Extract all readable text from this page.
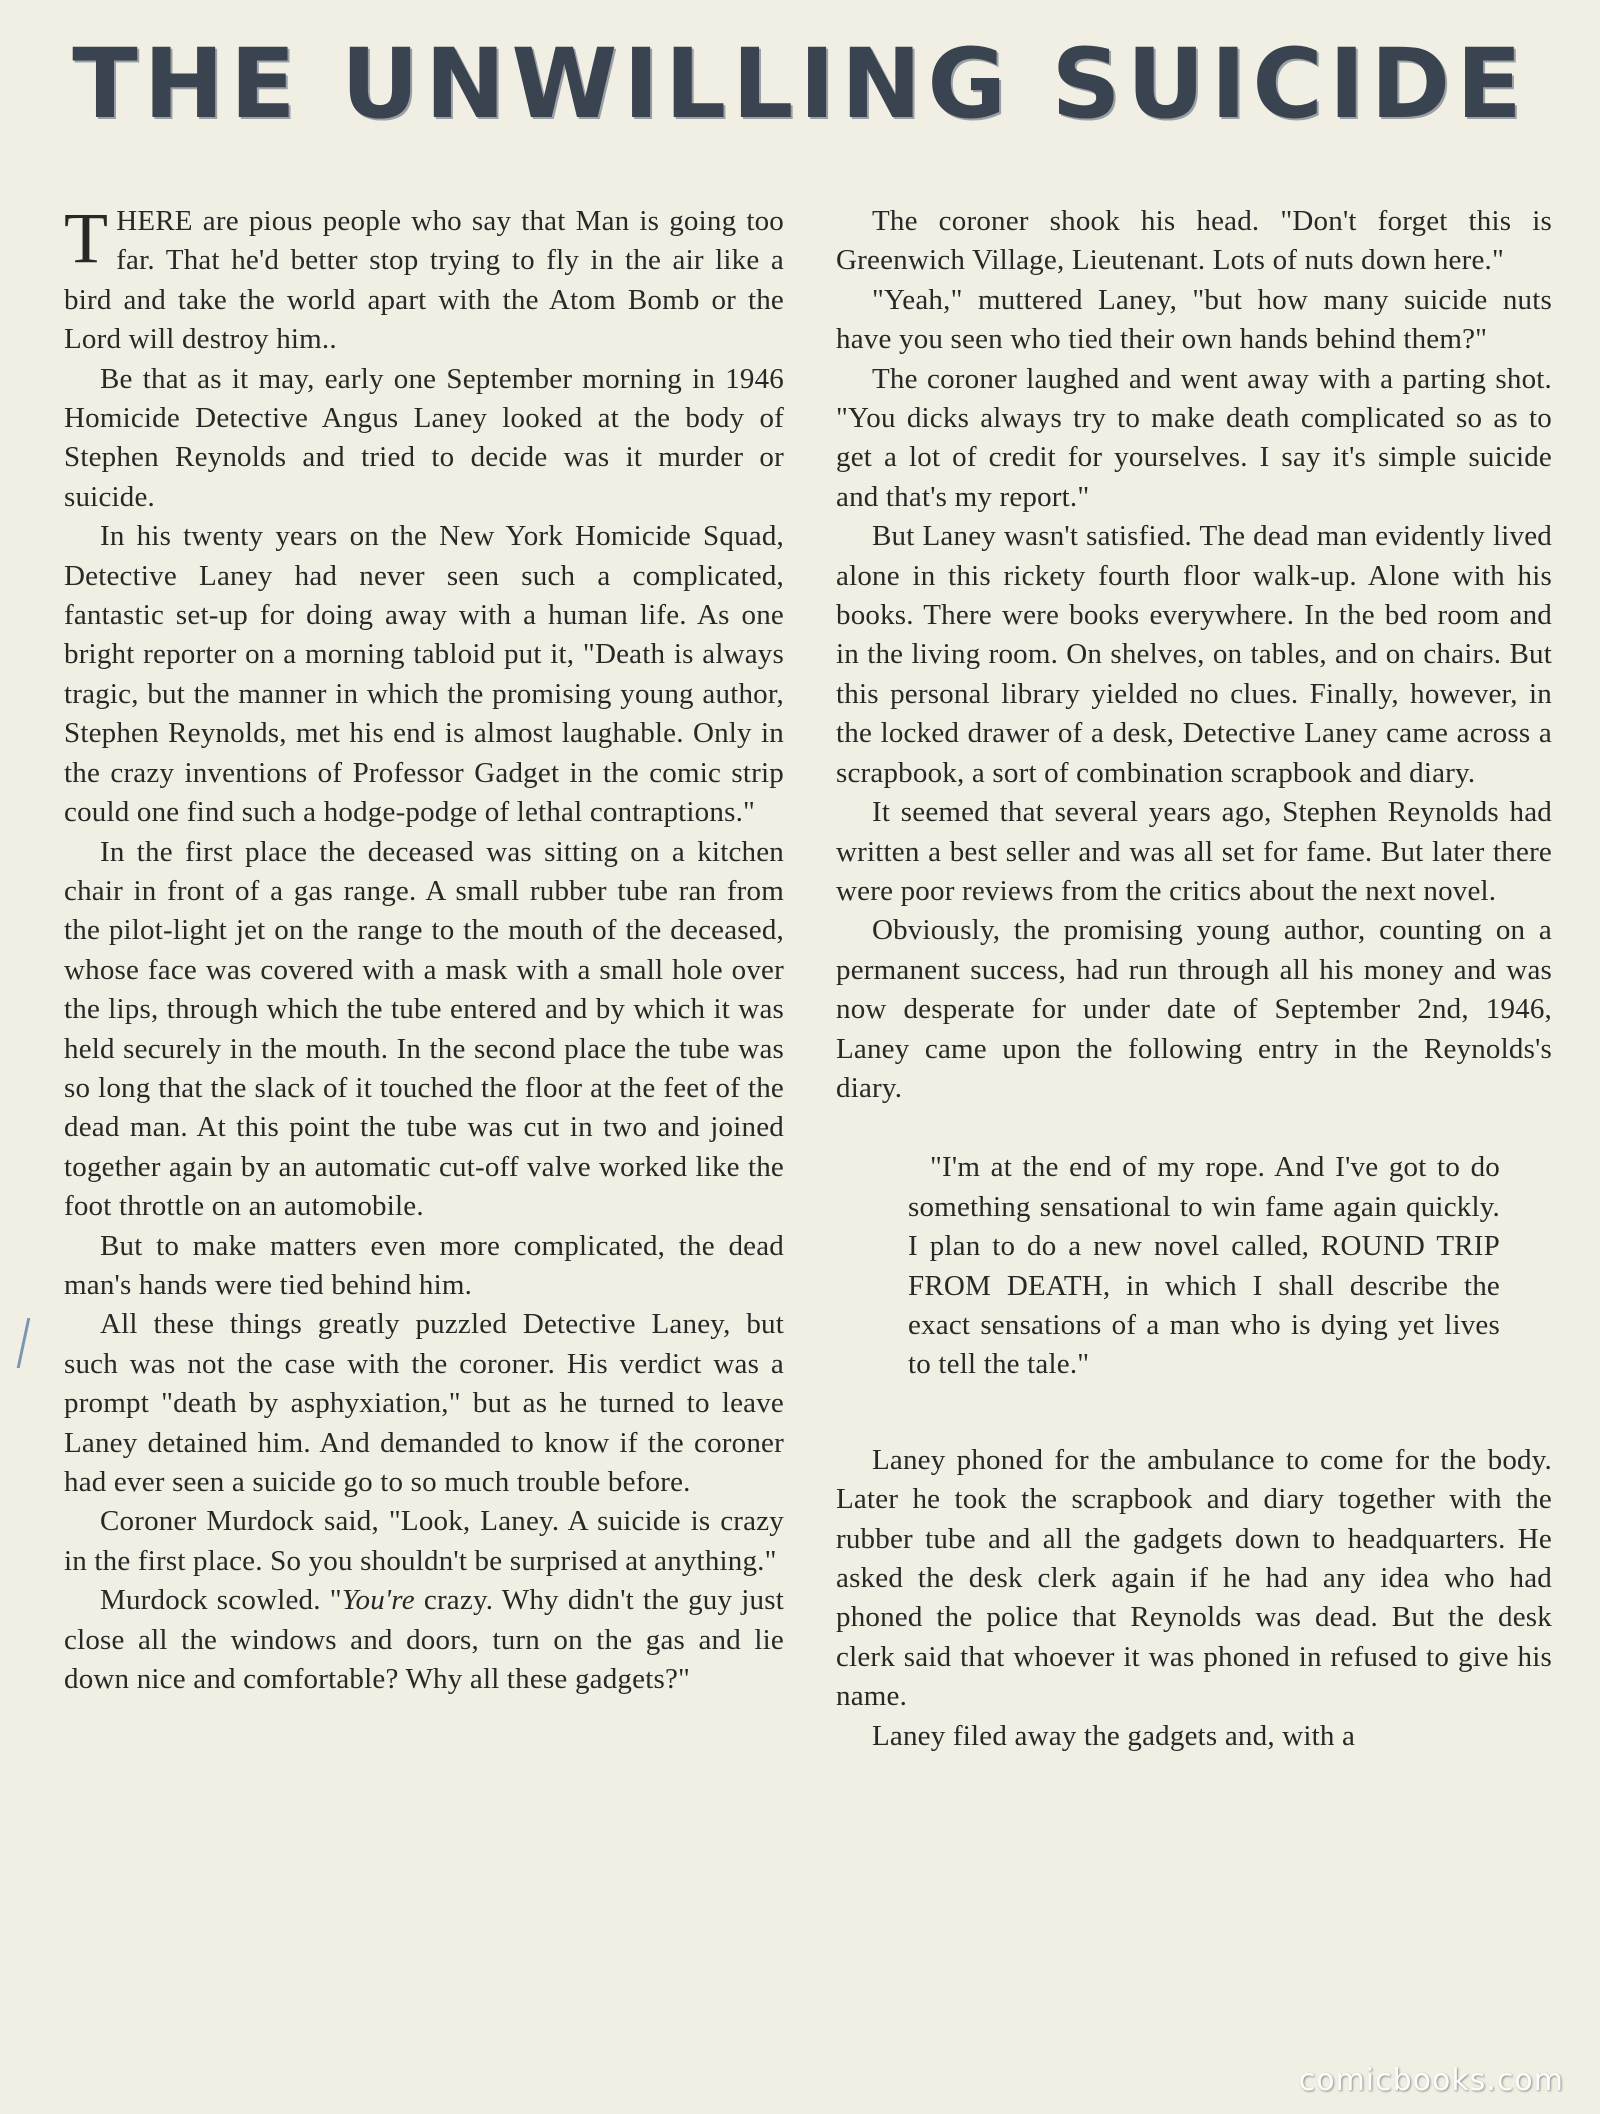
THE UNWILLING SUICIDE

THERE are pious people who say that Man is going too far. That he'd better stop trying to fly in the air like a bird and take the world apart with the Atom Bomb or the Lord will destroy him..

Be that as it may, early one September morning in 1946 Homicide Detective Angus Laney looked at the body of Stephen Reynolds and tried to decide was it murder or suicide.

In his twenty years on the New York Homicide Squad, Detective Laney had never seen such a complicated, fantastic set-up for doing away with a human life. As one bright reporter on a morning tabloid put it, "Death is always tragic, but the manner in which the promising young author, Stephen Reynolds, met his end is almost laughable. Only in the crazy inventions of Professor Gadget in the comic strip could one find such a hodge-podge of lethal contraptions."

In the first place the deceased was sitting on a kitchen chair in front of a gas range. A small rubber tube ran from the pilot-light jet on the range to the mouth of the deceased, whose face was covered with a mask with a small hole over the lips, through which the tube entered and by which it was held securely in the mouth. In the second place the tube was so long that the slack of it touched the floor at the feet of the dead man. At this point the tube was cut in two and joined together again by an automatic cut-off valve worked like the foot throttle on an automobile.

But to make matters even more complicated, the dead man's hands were tied behind him.

All these things greatly puzzled Detective Laney, but such was not the case with the coroner. His verdict was a prompt "death by asphyxiation," but as he turned to leave Laney detained him. And demanded to know if the coroner had ever seen a suicide go to so much trouble before.

Coroner Murdock said, "Look, Laney. A suicide is crazy in the first place. So you shouldn't be surprised at anything."

Murdock scowled. "You're crazy. Why didn't the guy just close all the windows and doors, turn on the gas and lie down nice and comfortable? Why all these gadgets?"

The coroner shook his head. "Don't forget this is Greenwich Village, Lieutenant. Lots of nuts down here."

"Yeah," muttered Laney, "but how many suicide nuts have you seen who tied their own hands behind them?"

The coroner laughed and went away with a parting shot. "You dicks always try to make death complicated so as to get a lot of credit for yourselves. I say it's simple suicide and that's my report."

But Laney wasn't satisfied. The dead man evidently lived alone in this rickety fourth floor walk-up. Alone with his books. There were books everywhere. In the bed room and in the living room. On shelves, on tables, and on chairs. But this personal library yielded no clues. Finally, however, in the locked drawer of a desk, Detective Laney came across a scrapbook, a sort of combination scrapbook and diary.

It seemed that several years ago, Stephen Reynolds had written a best seller and was all set for fame. But later there were poor reviews from the critics about the next novel.

Obviously, the promising young author, counting on a permanent success, had run through all his money and was now desperate for under date of September 2nd, 1946, Laney came upon the following entry in the Reynolds's diary.

"I'm at the end of my rope. And I've got to do something sensational to win fame again quickly. I plan to do a new novel called, ROUND TRIP FROM DEATH, in which I shall describe the exact sensations of a man who is dying yet lives to tell the tale."

Laney phoned for the ambulance to come for the body. Later he took the scrapbook and diary together with the rubber tube and all the gadgets down to headquarters. He asked the desk clerk again if he had any idea who had phoned the police that Reynolds was dead. But the desk clerk said that whoever it was phoned in refused to give his name.

Laney filed away the gadgets and, with a

comicbooks.com
